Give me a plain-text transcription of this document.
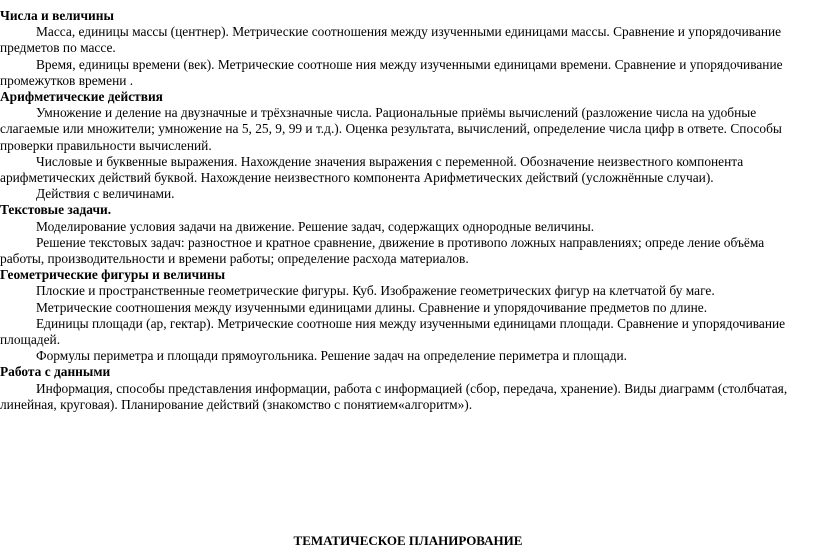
Числа и величины

Масса, единицы массы (центнер). Метрические соотношения между изученными единицами массы. Сравнение и упорядочивание предметов по массе.

Время, единицы времени (век). Метрические соотноше ния между изученными единицами времени. Сравнение и упорядочивание промежутков времени .

Арифметические действия

Умножение и деление на двузначные и трёхзначные числа. Рациональные приёмы вычислений (разложение числа на удобные слагаемые или множители; умножение на 5, 25, 9, 99 и т.д.). Оценка результата, вычислений, определение числа цифр в ответе. Способы проверки правильности вычислений.

Числовые и буквенные выражения. Нахождение значения выражения с переменной. Обозначение неизвестного компонента арифметических действий буквой. Нахождение неизвестного компонента Арифметических действий (усложнённые случаи).

Действия с величинами.

Текстовые задачи.

Моделирование условия задачи на движение. Решение задач, содержащих однородные величины.

Решение текстовых задач: разностное и кратное сравнение, движение в противопо ложных направлениях; опреде ление объёма работы, производительности и времени работы; определение расхода материалов.

Геометрические фигуры и величины

Плоские и пространственные геометрические фигуры. Куб. Изображение геометрических фигур на клетчатой бу маге.

Метрические соотношения между изученными единицами длины. Сравнение и упорядочивание предметов по длине.

Единицы площади (ар, гектар). Метрические соотноше ния между изученными единицами площади. Сравнение и упорядочивание площадей.

Формулы периметра и площади прямоугольника. Решение задач на определение периметра и площади.

Работа с данными

Информация, способы представления информации, работа с информацией (сбор, передача, хранение). Виды диаграмм (столбчатая, линейная, круговая). Планирование действий (знакомство с понятием«алгоритм»).

ТЕМАТИЧЕСКОЕ ПЛАНИРОВАНИЕ
